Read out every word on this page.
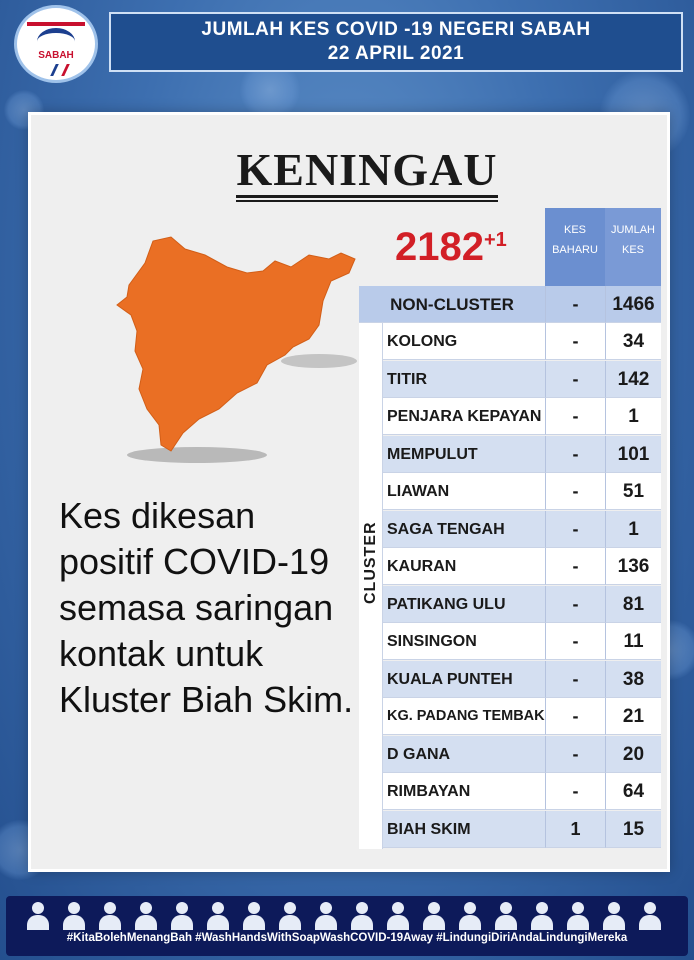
SABAH
JUMLAH KES COVID -19 NEGERI SABAH
22 APRIL 2021
KENINGAU
$2182^{+1}$
Kes dikesan positif COVID-19 semasa saringan kontak untuk Kluster Biah Skim.
KES
BAHARU
JUMLAH
KES
NON-CLUSTER	-	1466
CLUSTER
KOLONG	-	34
TITIR	-	142
PENJARA KEPAYAN	-	1
MEMPULUT	-	101
LIAWAN	-	51
SAGA TENGAH	-	1
KAURAN	-	136
PATIKANG ULU	-	81
SINSINGON	-	11
KUALA PUNTEH	-	38
KG. PADANG TEMBAK	-	21
D GANA	-	20
RIMBAYAN	-	64
BIAH SKIM	1	15
#KitaBolehMenangBah #WashHandsWithSoapWashCOVID-19Away #LindungiDiriAndaLindungiMereka
